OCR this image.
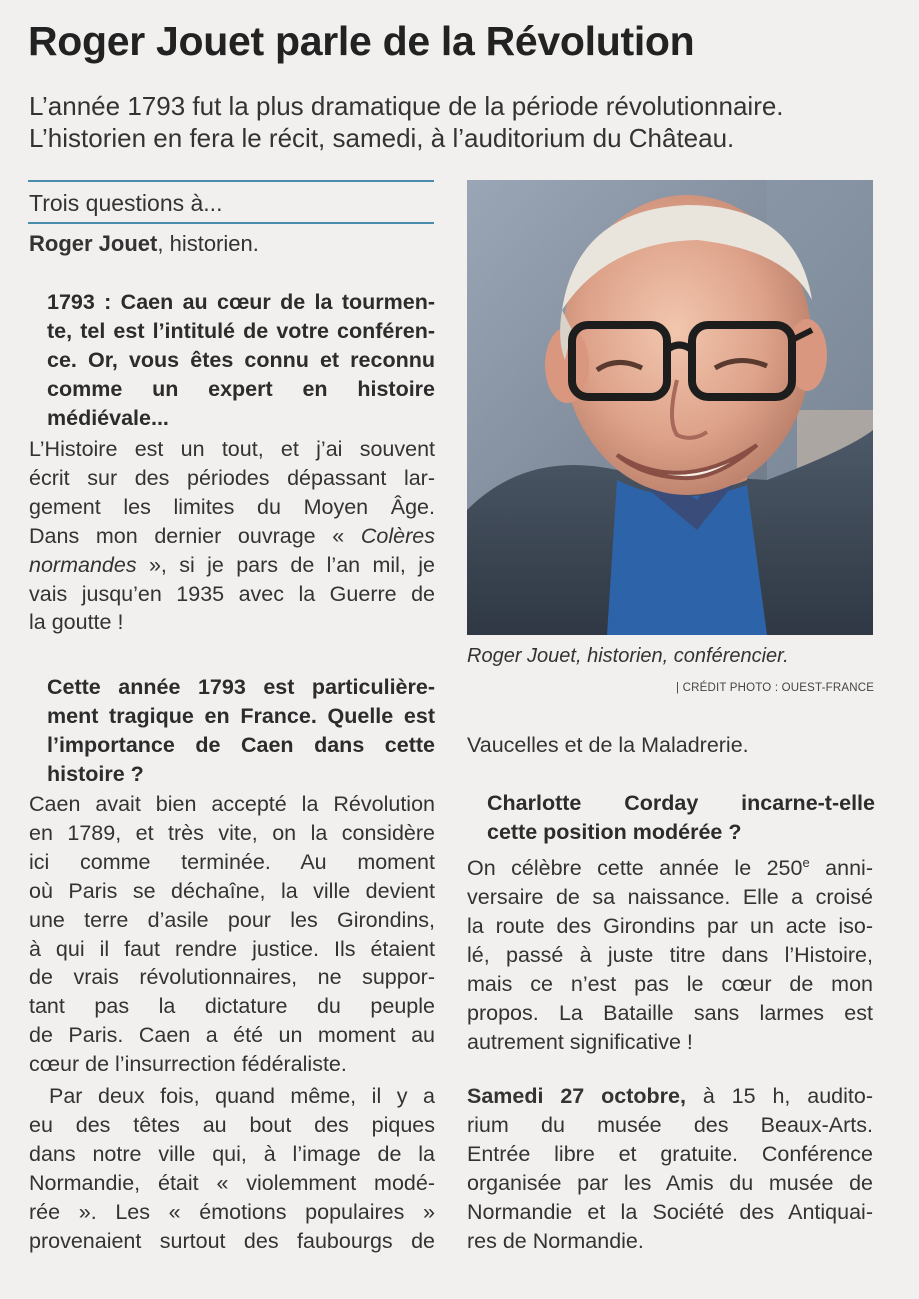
Roger Jouet parle de la Révolution
L’année 1793 fut la plus dramatique de la période révolutionnaire.
L’historien en fera le récit, samedi, à l’auditorium du Château.
Trois questions à...
Roger Jouet, historien.

1793 : Caen au cœur de la tourmen-
te, tel est l’intitulé de votre conféren-
ce. Or, vous êtes connu et reconnu
comme un expert en histoire
médiévale...

L’Histoire est un tout, et j’ai souvent
écrit sur des périodes dépassant lar-
gement les limites du Moyen Âge.
Dans mon dernier ouvrage « Colères
normandes », si je pars de l’an mil, je
vais jusqu’en 1935 avec la Guerre de
la goutte !

Cette année 1793 est particulière-
ment tragique en France. Quelle est
l’importance de Caen dans cette
histoire ?

Caen avait bien accepté la Révolution
en 1789, et très vite, on la considère
ici comme terminée. Au moment
où Paris se déchaîne, la ville devient
une terre d’asile pour les Girondins,
à qui il faut rendre justice. Ils étaient
de vrais révolutionnaires, ne suppor-
tant pas la dictature du peuple
de Paris. Caen a été un moment au
cœur de l’insurrection fédéraliste.

Par deux fois, quand même, il y a
eu des têtes au bout des piques
dans notre ville qui, à l’image de la
Normandie, était « violemment modé-
rée ». Les « émotions populaires »
provenaient surtout des faubourgs de

Roger Jouet, historien, conférencier.
| CRÉDIT PHOTO : OUEST-FRANCE

Vaucelles et de la Maladrerie.

Charlotte Corday incarne-t-elle
cette position modérée ?

On célèbre cette année le 250e anni-
versaire de sa naissance. Elle a croisé
la route des Girondins par un acte iso-
lé, passé à juste titre dans l’Histoire,
mais ce n’est pas le cœur de mon
propos. La Bataille sans larmes est
autrement significative !

Samedi 27 octobre, à 15 h, audito-
rium du musée des Beaux-Arts.
Entrée libre et gratuite. Conférence
organisée par les Amis du musée de
Normandie et la Société des Antiquai-
res de Normandie.
